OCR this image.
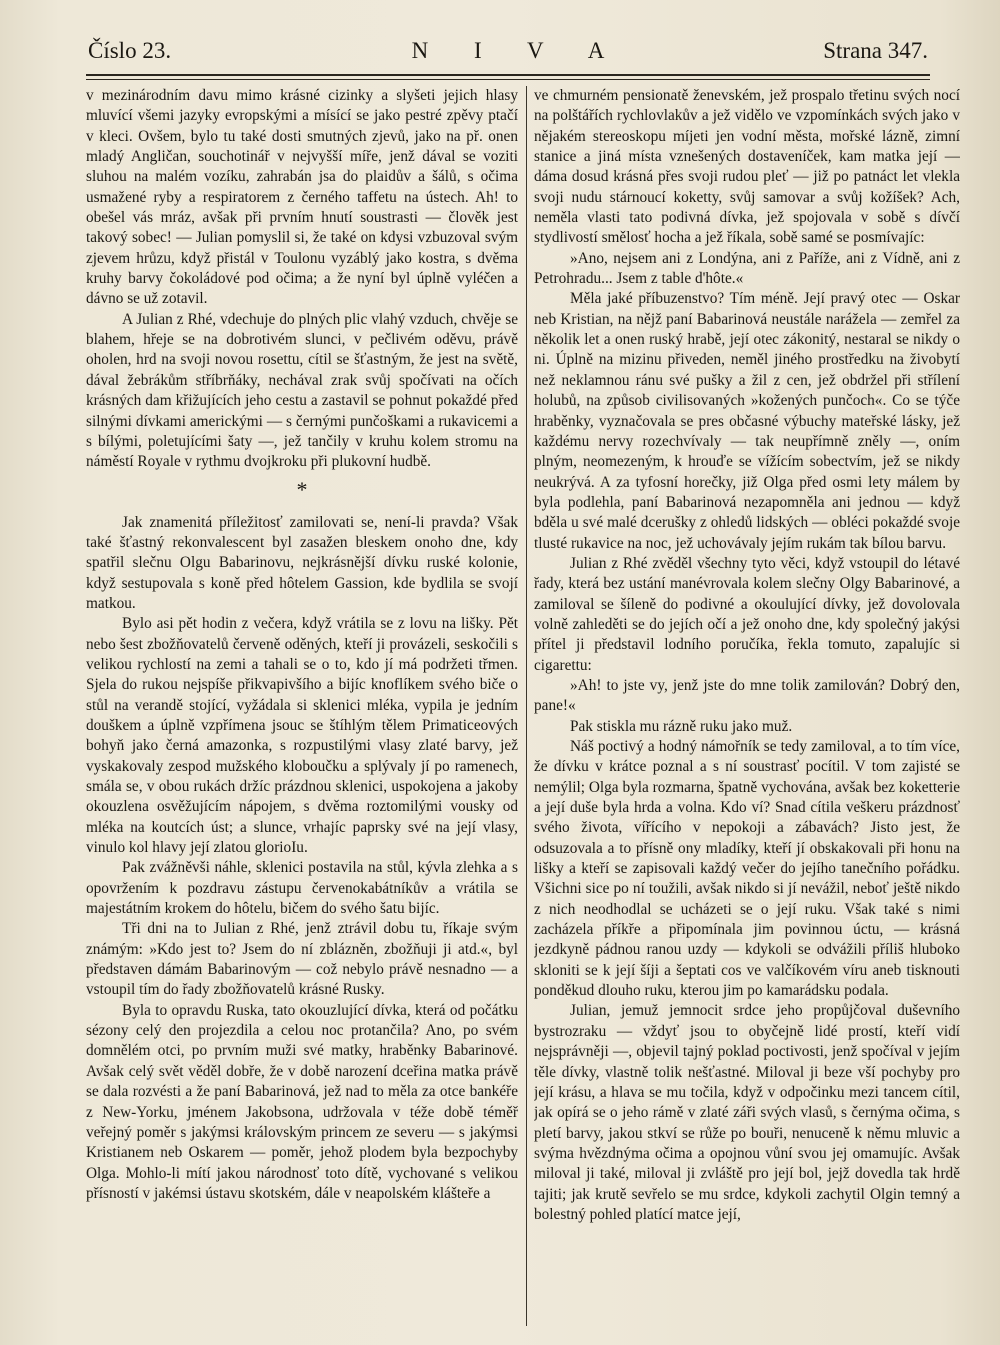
Číslo 23.	N I V A	Strana 347.

v mezinárodním davu mimo krásné cizinky a slyšeti jejich hlasy mluvící všemi jazyky evropskými a mísící se jako pestré zpěvy ptačí v kleci. Ovšem, bylo tu také dosti smutných zjevů, jako na př. onen mladý Angličan, souchotinář v nejvyšší míře, jenž dával se voziti sluhou na malém vozíku, zahrabán jsa do plaidův a šálů, s očima usmažené ryby a respiratorem z černého taffetu na ústech. Ah! to obešel vás mráz, avšak při prvním hnutí soustrasti — člověk jest takový sobec! — Julian pomyslil si, že také on kdysi vzbuzoval svým zjevem hrůzu, když přistál v Toulonu vyzáblý jako kostra, s dvěma kruhy barvy čokoládové pod očima; a že nyní byl úplně vyléčen a dávno se už zotavil.

A Julian z Rhé, vdechuje do plných plic vlahý vzduch, chvěje se blahem, hřeje se na dobrotivém slunci, v pečlivém oděvu, právě oholen, hrd na svoji novou rosettu, cítil se šťastným, že jest na světě, dával žebrákům stříbrňáky, nechával zrak svůj spočívati na očích krásných dam křižujících jeho cestu a zastavil se pohnut pokaždé před silnými dívkami americkými — s černými punčoškami a rukavicemi a s bílými, poletujícími šaty —, jež tančily v kruhu kolem stromu na náměstí Royale v rythmu dvojkroku při plukovní hudbě.

*

Jak znamenitá příležitosť zamilovati se, není-li pravda? Však také šťastný rekonvalescent byl zasažen bleskem onoho dne, kdy spatřil slečnu Olgu Babarinovu, nejkrásnější dívku ruské kolonie, když sestupovala s koně před hôtelem Gassion, kde bydlila se svojí matkou.

Bylo asi pět hodin z večera, když vrátila se z lovu na lišky. Pět nebo šest zbožňovatelů červeně oděných, kteří ji provázeli, seskočili s velikou rychlostí na zemi a tahali se o to, kdo jí má podržeti třmen. Sjela do rukou nejspíše přikvapivšího a bijíc knoflíkem svého biče o stůl na verandě stojící, vyžádala si sklenici mléka, vypila je jedním douškem a úplně vzpřímena jsouc se štíhlým tělem Primaticeových bohyň jako černá amazonka, s rozpustilými vlasy zlaté barvy, jež vyskakovaly zespod mužského kloboučku a splývaly jí po ramenech, smála se, v obou rukách držíc prázdnou sklenici, uspokojena a jakoby okouzlena osvěžujícím nápojem, s dvěma roztomilými vousky od mléka na koutcích úst; a slunce, vrhajíc paprsky své na její vlasy, vinulo kol hlavy její zlatou glorioIu.

Pak zvážněvši náhle, sklenici postavila na stůl, kývla zlehka a s opovržením k pozdravu zástupu červenokabátníkův a vrátila se majestátním krokem do hôtelu, bičem do svého šatu bijíc.

Tři dni na to Julian z Rhé, jenž ztrávil dobu tu, říkaje svým známým: »Kdo jest to? Jsem do ní zblázněn, zbožňuji ji atd.«, byl představen dámám Babarinovým — což nebylo právě nesnadno — a vstoupil tím do řady zbožňovatelů krásné Rusky.

Byla to opravdu Ruska, tato okouzlující dívka, která od počátku sézony celý den projezdila a celou noc protančila? Ano, po svém domnělém otci, po prvním muži své matky, hraběnky Babarinové. Avšak celý svět věděl dobře, že v době narození dceřina matka právě se dala rozvésti a že paní Babarinová, jež nad to měla za otce bankéře z New-Yorku, jménem Jakobsona, udržovala v téže době téměř veřejný poměr s jakýmsi královským princem ze severu — s jakýmsi Kristianem neb Oskarem — poměr, jehož plodem byla bezpochyby Olga. Mohlo-li mítí jakou národnosť toto dítě, vychované s velikou přísností v jakémsi ústavu skotském, dále v neapolském klášteře a

ve chmurném pensionatě ženevském, jež prospalo třetinu svých nocí na polštářích rychlovlakův a jež vidělo ve vzpomínkách svých jako v nějakém stereoskopu míjeti jen vodní města, mořské lázně, zimní stanice a jiná místa vznešených dostaveníček, kam matka její — dáma dosud krásná přes svoji rudou pleť — již po patnáct let vlekla svoji nudu stárnoucí koketty, svůj samovar a svůj kožíšek? Ach, neměla vlasti tato podivná dívka, jež spojovala v sobě s dívčí stydlivostí smělosť hocha a jež říkala, sobě samé se posmívajíc:

»Ano, nejsem ani z Londýna, ani z Paříže, ani z Vídně, ani z Petrohradu... Jsem z table d'hôte.«

Měla jaké příbuzenstvo? Tím méně. Její pravý otec — Oskar neb Kristian, na nějž paní Babarinová neustále narážela — zemřel za několik let a onen ruský hrabě, její otec zákonitý, nestaral se nikdy o ni. Úplně na mizinu přiveden, neměl jiného prostředku na živobytí než neklamnou ránu své pušky a žil z cen, jež obdržel při střílení holubů, na způsob civilisovaných »kožených punčoch«. Co se týče hraběnky, vyznačovala se pres občasné výbuchy mateřské lásky, jež každému nervy rozechvívaly — tak neupřímně zněly —, oním plným, neomezeným, k hrouďe se vížícím sobectvím, jež se nikdy neukrývá. A za tyfosní horečky, již Olga před osmi lety málem by byla podlehla, paní Babarinová nezapomněla ani jednou — když bděla u své malé dcerušky z ohledů lidských — obléci pokaždé svoje tlusté rukavice na noc, jež uchovávaly jejím rukám tak bílou barvu.

Julian z Rhé zvěděl všechny tyto věci, když vstoupil do létavé řady, která bez ustání manévrovala kolem slečny Olgy Babarinové, a zamiloval se šíleně do podivné a okoulující dívky, jež dovolovala volně zahleděti se do jejích očí a jež onoho dne, kdy společný jakýsi přítel ji představil lodního poručíka, řekla tomuto, zapalujíc si cigarettu:

»Ah! to jste vy, jenž jste do mne tolik zamilován? Dobrý den, pane!«

Pak stiskla mu rázně ruku jako muž.

Náš poctivý a hodný námořník se tedy zamiloval, a to tím více, že dívku v krátce poznal a s ní soustrasť pocítil. V tom zajisté se nemýlil; Olga byla rozmarna, špatně vychována, avšak bez koketterie a její duše byla hrda a volna. Kdo ví? Snad cítila veškeru prázdnosť svého života, vířícího v nepokoji a zábavách? Jisto jest, že odsuzovala a to přísně ony mladíky, kteří jí obskakovali při honu na lišky a kteří se zapisovali každý večer do jejího tanečního pořádku. Všichni sice po ní toužili, avšak nikdo si jí nevážil, neboť ještě nikdo z nich neodhodlal se ucházeti se o její ruku. Však také s nimi zacházela příkře a připomínala jim povinnou úctu, — krásná jezdkyně pádnou ranou uzdy — kdykoli se odvážili příliš hluboko skloniti se k její šíji a šeptati cos ve valčíkovém víru aneb tisknouti ponděkud dlouho ruku, kterou jim po kamarádsku podala.

Julian, jemuž jemnocit srdce jeho propůjčoval duševního bystrozraku — vždyť jsou to obyčejně lidé prostí, kteří vidí nejsprávněji —, objevil tajný poklad poctivosti, jenž spočíval v jejím těle dívky, vlastně tolik nešťastné. Miloval ji beze vší pochyby pro její krásu, a hlava se mu točila, když v odpočinku mezi tancem cítil, jak opírá se o jeho rámě v zlaté záři svých vlasů, s černýma očima, s pletí barvy, jakou stkví se růže po bouři, nenuceně k němu mluvic a svýma hvězdnýma očima a opojnou vůní svou jej omamujíc. Avšak miloval ji také, miloval ji zvláště pro její bol, jejž dovedla tak hrdě tajiti; jak krutě sevřelo se mu srdce, kdykoli zachytil Olgin temný a bolestný pohled platící matce její,
